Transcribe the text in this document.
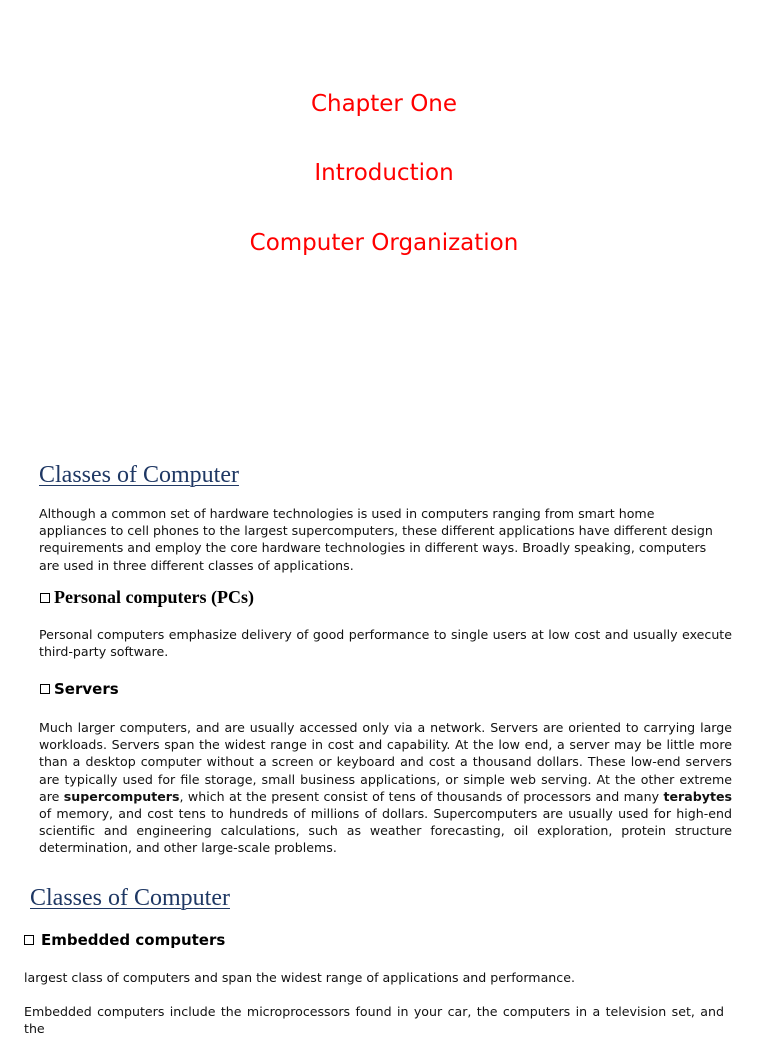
Chapter One
Introduction
Computer Organization
Classes of Computer

Although a common set of hardware technologies is used in computers ranging from smart home appliances to cell phones to the largest supercomputers, these different applications have different design requirements and employ the core hardware technologies in different ways. Broadly speaking, computers are used in three different classes of applications.

Personal computers (PCs)

Personal computers emphasize delivery of good performance to single users at low cost and usually execute third-party software.

Servers

Much larger computers, and are usually accessed only via a network. Servers are oriented to carrying large workloads. Servers span the widest range in cost and capability. At the low end, a server may be little more than a desktop computer without a screen or keyboard and cost a thousand dollars. These low-end servers are typically used for file storage, small business applications, or simple web serving. At the other extreme are supercomputers, which at the present consist of tens of thousands of processors and many terabytes of memory, and cost tens to hundreds of millions of dollars. Supercomputers are usually used for high-end scientific and engineering calculations, such as weather forecasting, oil exploration, protein structure determination, and other large-scale problems.

Classes of Computer
Embedded computers

largest class of computers and span the widest range of applications and performance.

Embedded computers include the microprocessors found in your car, the computers in a television set, and the
